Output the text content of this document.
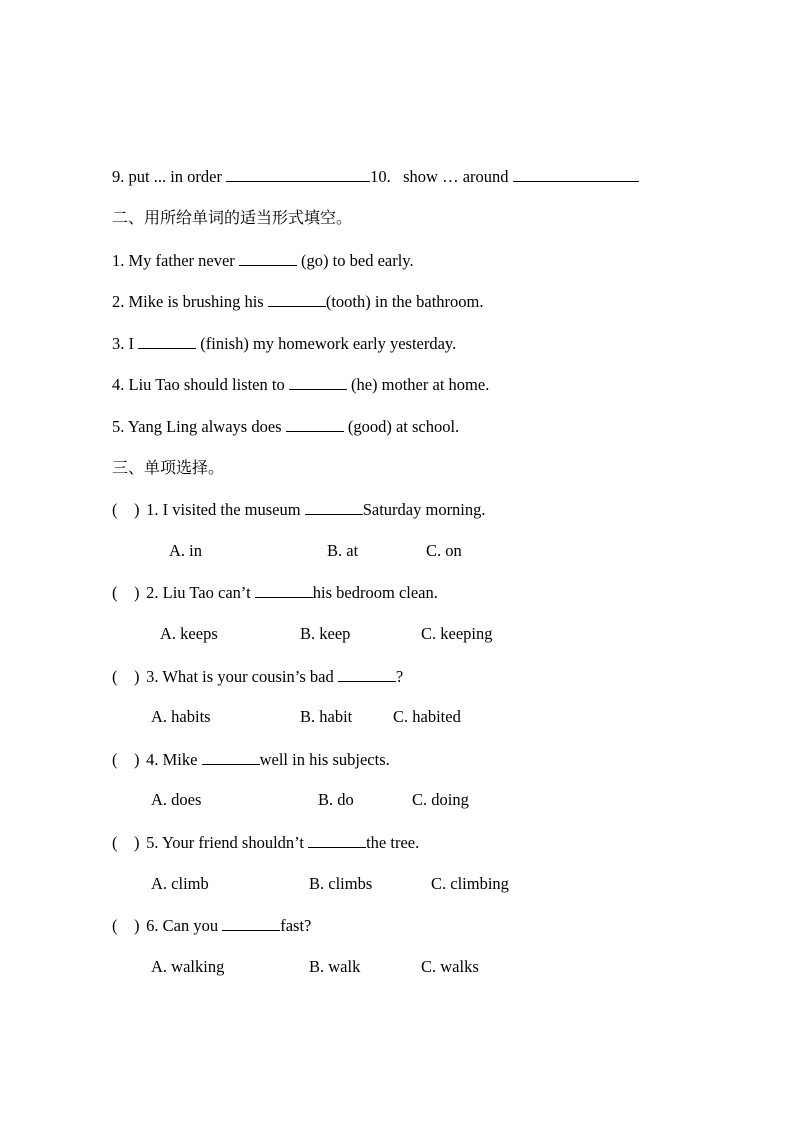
9. put ... in order	10.   show … around
二、用所给单词的适当形式填空。
1. My father never	(go) to bed early.
2. Mike is brushing his	(tooth) in the bathroom.
3. I	(finish) my homework early yesterday.
4. Liu Tao should listen to	(he) mother at home.
5. Yang Ling always does	(good) at school.
三、单项选择。
( ) 1. I visited the museum	Saturday morning.
A. in	B. at	C. on
( ) 2. Liu Tao can’t	his bedroom clean.
A. keeps	B. keep	C. keeping
( ) 3. What is your cousin’s bad	?
A. habits	B. habit C. habited
( ) 4. Mike	well in his subjects.
A. does	B. do	C. doing
( ) 5. Your friend shouldn’t	the tree.
A. climb	B. climbs	C. climbing
( ) 6. Can you	fast?
A. walking	B. walk	C. walks
